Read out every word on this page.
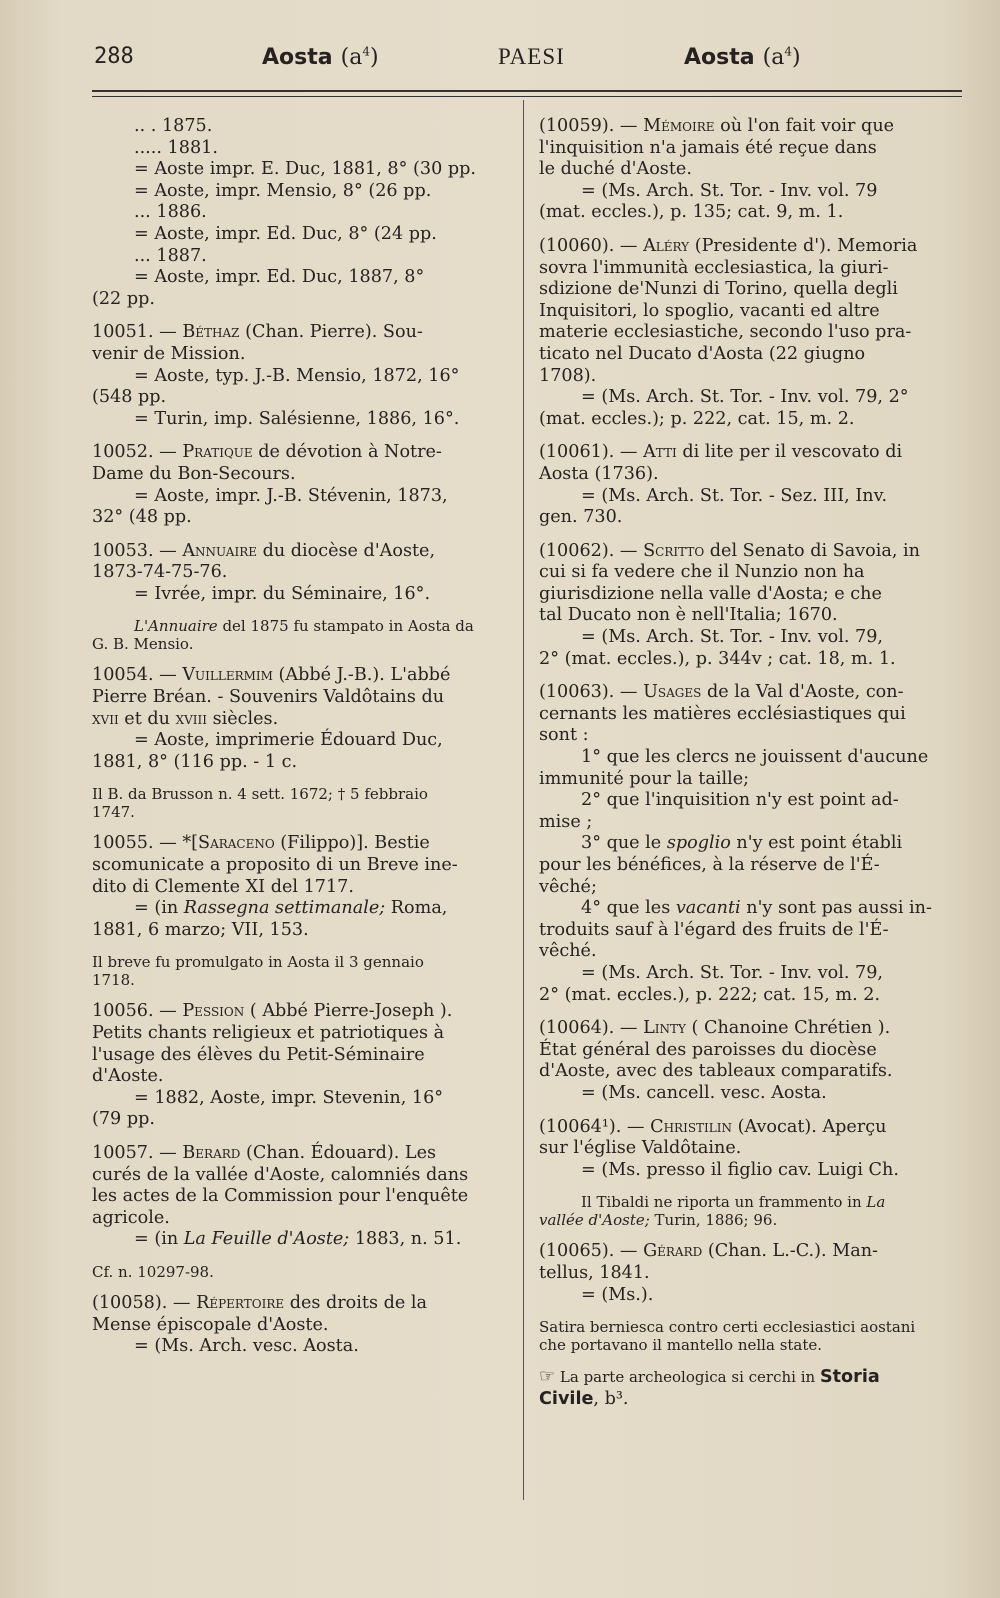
288	Aosta $(a^4)$	PAESI	Aosta $(a^4)$
.. . 1875.
..... 1881.
= Aoste impr. E. Duc, 1881, 8° (30 pp.
= Aoste, impr. Mensio, 8° (26 pp.
... 1886.
= Aoste, impr. Ed. Duc, 8° (24 pp.
... 1887.
= Aoste, impr. Ed. Duc, 1887, 8°
(22 pp.
10051. — Béthaz (Chan. Pierre). Sou-
venir de Mission.
= Aoste, typ. J.-B. Mensio, 1872, 16°
(548 pp.
= Turin, imp. Salésienne, 1886, 16°.
10052. — Pratique de dévotion à Notre-
Dame du Bon-Secours.
= Aoste, impr. J.-B. Stévenin, 1873,
32° (48 pp.
10053. — Annuaire du diocèse d'Aoste,
1873-74-75-76.
= Ivrée, impr. du Séminaire, 16°.
L'Annuaire del 1875 fu stampato in Aosta da
G. B. Mensio.
10054. — Vuillermim (Abbé J.-B.). L'abbé
Pierre Bréan. - Souvenirs Valdôtains du
xvii et du xviii siècles.
= Aoste, imprimerie Édouard Duc,
1881, 8° (116 pp. - 1 c.
Il B. da Brusson n. 4 sett. 1672; † 5 febbraio
1747.
10055. — *[Saraceno (Filippo)]. Bestie
scomunicate a proposito di un Breve ine-
dito di Clemente XI del 1717.
= (in Rassegna settimanale; Roma,
1881, 6 marzo; VII, 153.
Il breve fu promulgato in Aosta il 3 gennaio
1718.
10056. — Pession ( Abbé Pierre-Joseph ).
Petits chants religieux et patriotiques à
l'usage des élèves du Petit-Séminaire
d'Aoste.
= 1882, Aoste, impr. Stevenin, 16°
(79 pp.
10057. — Berard (Chan. Édouard). Les
curés de la vallée d'Aoste, calomniés dans
les actes de la Commission pour l'enquête
agricole.
= (in La Feuille d'Aoste; 1883, n. 51.
Cf. n. 10297-98.
(10058). — Répertoire des droits de la
Mense épiscopale d'Aoste.
= (Ms. Arch. vesc. Aosta.
(10059). — Mémoire où l'on fait voir que
l'inquisition n'a jamais été reçue dans
le duché d'Aoste.
= (Ms. Arch. St. Tor. - Inv. vol. 79
(mat. eccles.), p. 135; cat. 9, m. 1.
(10060). — Aléry (Presidente d'). Memoria
sovra l'immunità ecclesiastica, la giuri-
sdizione de'Nunzi di Torino, quella degli
Inquisitori, lo spoglio, vacanti ed altre
materie ecclesiastiche, secondo l'uso pra-
ticato nel Ducato d'Aosta (22 giugno
1708).
= (Ms. Arch. St. Tor. - Inv. vol. 79, 2°
(mat. eccles.); p. 222, cat. 15, m. 2.
(10061). — Atti di lite per il vescovato di
Aosta (1736).
= (Ms. Arch. St. Tor. - Sez. III, Inv.
gen. 730.
(10062). — Scritto del Senato di Savoia, in
cui si fa vedere che il Nunzio non ha
giurisdizione nella valle d'Aosta; e che
tal Ducato non è nell'Italia; 1670.
= (Ms. Arch. St. Tor. - Inv. vol. 79,
2° (mat. eccles.), p. 344v ; cat. 18, m. 1.
(10063). — Usages de la Val d'Aoste, con-
cernants les matières ecclésiastiques qui
sont :
1° que les clercs ne jouissent d'aucune
immunité pour la taille;
2° que l'inquisition n'y est point ad-
mise ;
3° que le spoglio n'y est point établi
pour les bénéfices, à la réserve de l'É-
vêché;
4° que les vacanti n'y sont pas aussi in-
troduits sauf à l'égard des fruits de l'É-
vêché.
= (Ms. Arch. St. Tor. - Inv. vol. 79,
2° (mat. eccles.), p. 222; cat. 15, m. 2.
(10064). — Linty ( Chanoine Chrétien ).
État général des paroisses du diocèse
d'Aoste, avec des tableaux comparatifs.
= (Ms. cancell. vesc. Aosta.
(10064¹). — Christilin (Avocat). Aperçu
sur l'église Valdôtaine.
= (Ms. presso il figlio cav. Luigi Ch.
Il Tibaldi ne riporta un frammento in La
vallée d'Aoste; Turin, 1886; 96.
(10065). — Gérard (Chan. L.-C.). Man-
tellus, 1841.
= (Ms.).
Satira berniesca contro certi ecclesiastici aostani
che portavano il mantello nella state.
☞ La parte archeologica si cerchi in Storia
Civile, b³.
